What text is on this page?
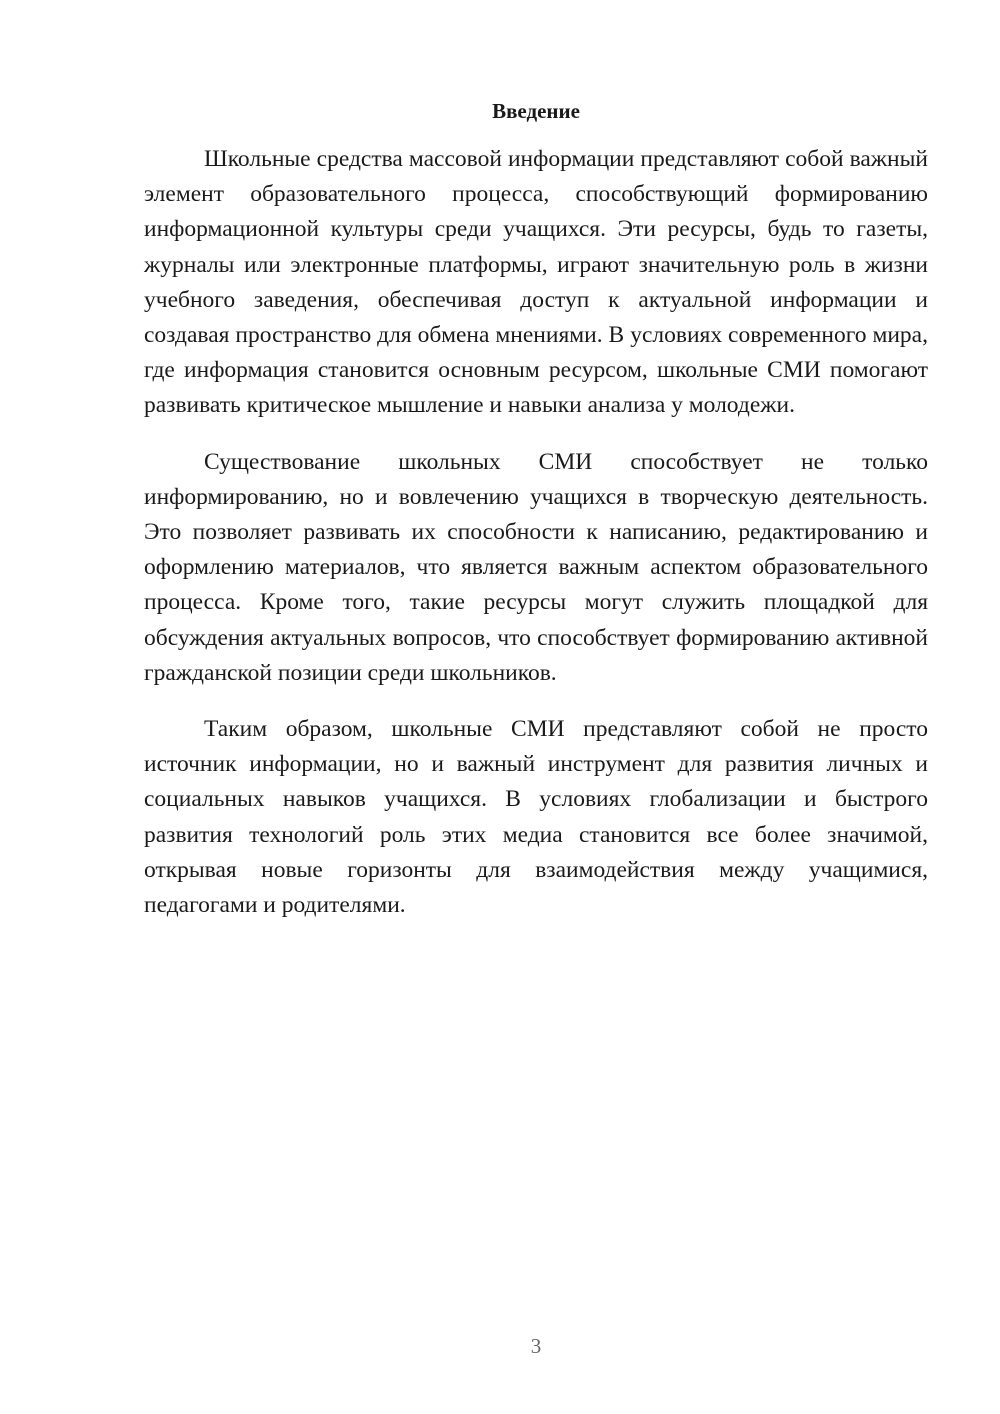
Введение

Школьные средства массовой информации представляют собой важный элемент образовательного процесса, способствующий формированию информационной культуры среди учащихся. Эти ресурсы, будь то газеты, журналы или электронные платформы, играют значительную роль в жизни учебного заведения, обеспечивая доступ к актуальной информации и создавая пространство для обмена мнениями. В условиях современного мира, где информация становится основным ресурсом, школьные СМИ помогают развивать критическое мышление и навыки анализа у молодежи.

Существование школьных СМИ способствует не только информированию, но и вовлечению учащихся в творческую деятельность. Это позволяет развивать их способности к написанию, редактированию и оформлению материалов, что является важным аспектом образовательного процесса. Кроме того, такие ресурсы могут служить площадкой для обсуждения актуальных вопросов, что способствует формированию активной гражданской позиции среди школьников.

Таким образом, школьные СМИ представляют собой не просто источник информации, но и важный инструмент для развития личных и социальных навыков учащихся. В условиях глобализации и быстрого развития технологий роль этих медиа становится все более значимой, открывая новые горизонты для взаимодействия между учащимися, педагогами и родителями.

3
